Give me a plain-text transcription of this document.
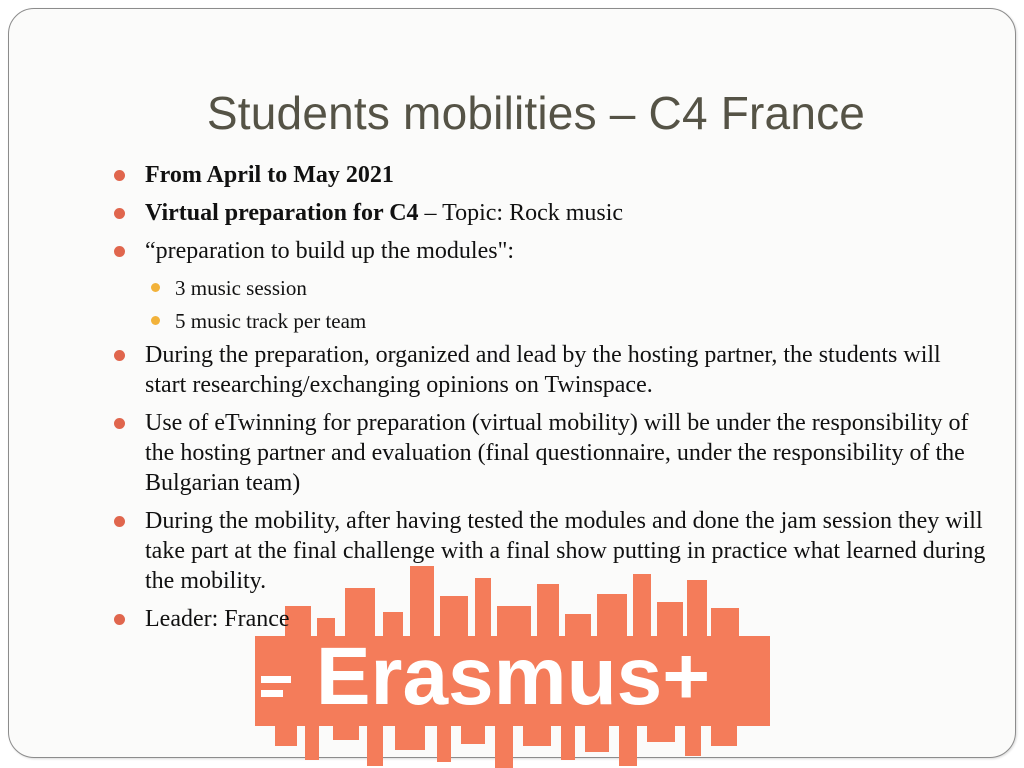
Students mobilities – C4 France
Erasmus+
From April to May 2021
Virtual preparation for C4 – Topic: Rock music
“preparation to build up the modules":
3 music session
5 music track per team
During the preparation, organized and lead by the hosting partner, the students will start researching/exchanging opinions on Twinspace.
Use of eTwinning for preparation (virtual mobility) will be under the responsibility of the hosting partner and evaluation (final questionnaire, under the responsibility of the Bulgarian team)
During the mobility, after having tested the modules and done the jam session they will take part at the final challenge with a final show putting in practice what learned during the mobility.
Leader: France
